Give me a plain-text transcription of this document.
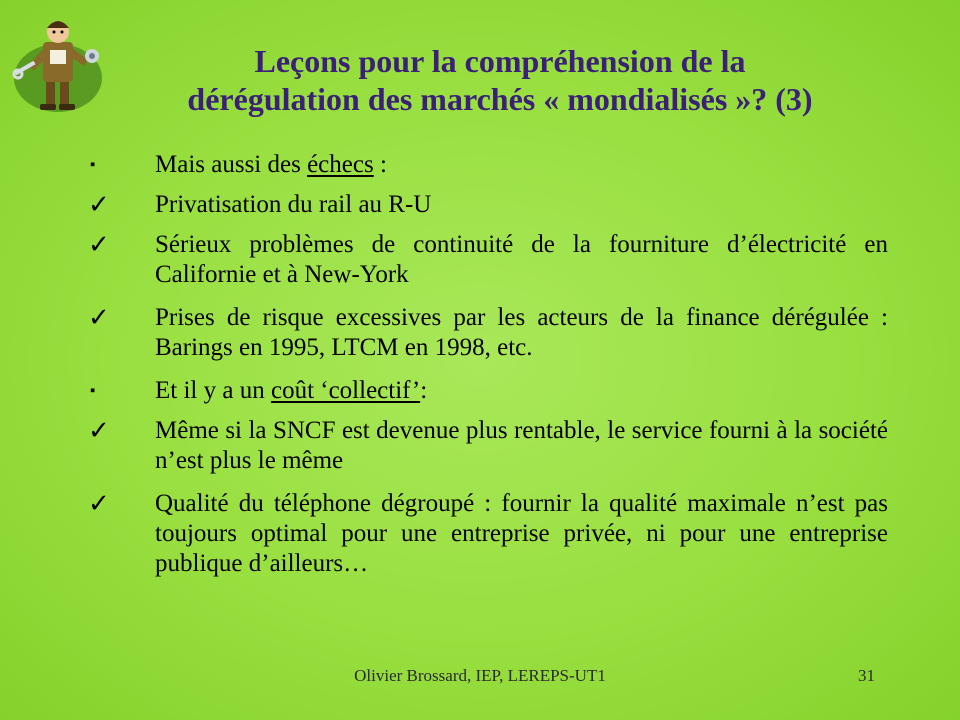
Leçons pour la compréhension de la
dérégulation des marchés « mondialisés »? (3)
▪	Mais aussi des échecs :
✓	Privatisation du rail au R-U
✓	Sérieux problèmes de continuité de la fourniture d’électricité en Californie et à New-York
✓	Prises de risque excessives par les acteurs de la finance dérégulée : Barings en 1995, LTCM en 1998, etc.
▪	Et il y a un coût ‘collectif’:
✓	Même si la SNCF est devenue plus rentable, le service fourni à la société n’est plus le même
✓	Qualité du téléphone dégroupé : fournir la qualité maximale n’est pas toujours optimal pour une entreprise privée, ni pour une entreprise publique d’ailleurs…
Olivier Brossard, IEP, LEREPS-UT1	31
